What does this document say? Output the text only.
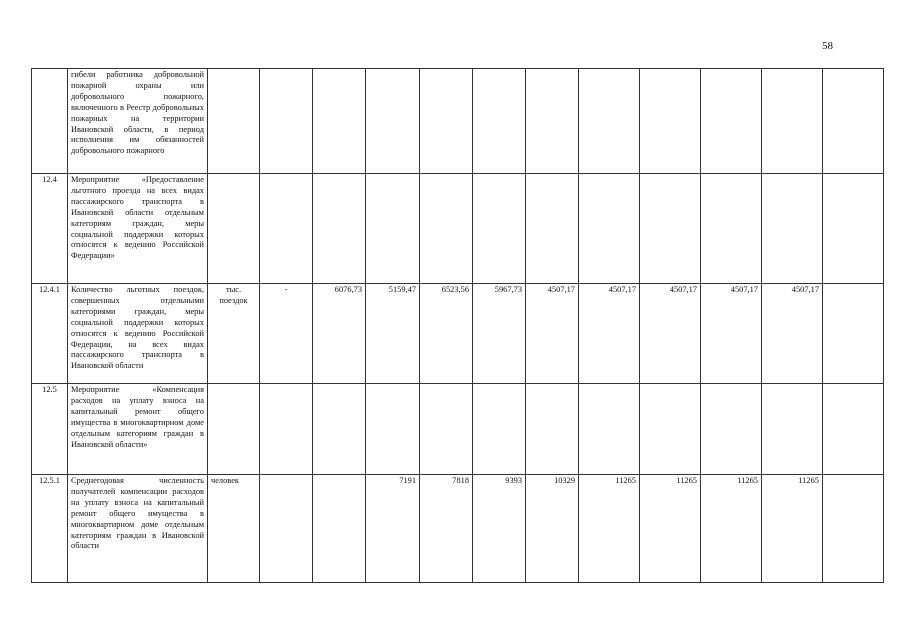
58
	гибели работника добровольной пожарной охраны или добровольного пожарного, включенного в Реестр добровольных пожарных на территории Ивановской области, в период исполнения им обязанностей добровольного пожарного												
12.4	Мероприятие «Предоставление льготного проезда на всех видах пассажирского транспорта в Ивановской области отдельным категориям граждан, меры социальной поддержки которых относятся к ведению Российской Федерации»												
12.4.1	Количество льготных поездок, совершенных отдельными категориями граждан, меры социальной поддержки которых относятся к ведению Российской Федерации, на всех видах пассажирского транспорта в Ивановской области	тыс. поездок	-	6076,73	5159,47	6523,56	5967,73	4507,17	4507,17	4507,17	4507,17	4507,17	
12.5	Мероприятие «Компенсация расходов на уплату взноса на капитальный ремонт общего имущества в многоквартирном доме отдельным категориям граждан в Ивановской области»												
12.5.1	Среднегодовая численность получателей компенсации расходов на уплату взноса на капитальный ремонт общего имущества в многоквартирном доме отдельным категориям граждан в Ивановской области	человек			7191	7818	9393	10329	11265	11265	11265	11265	
